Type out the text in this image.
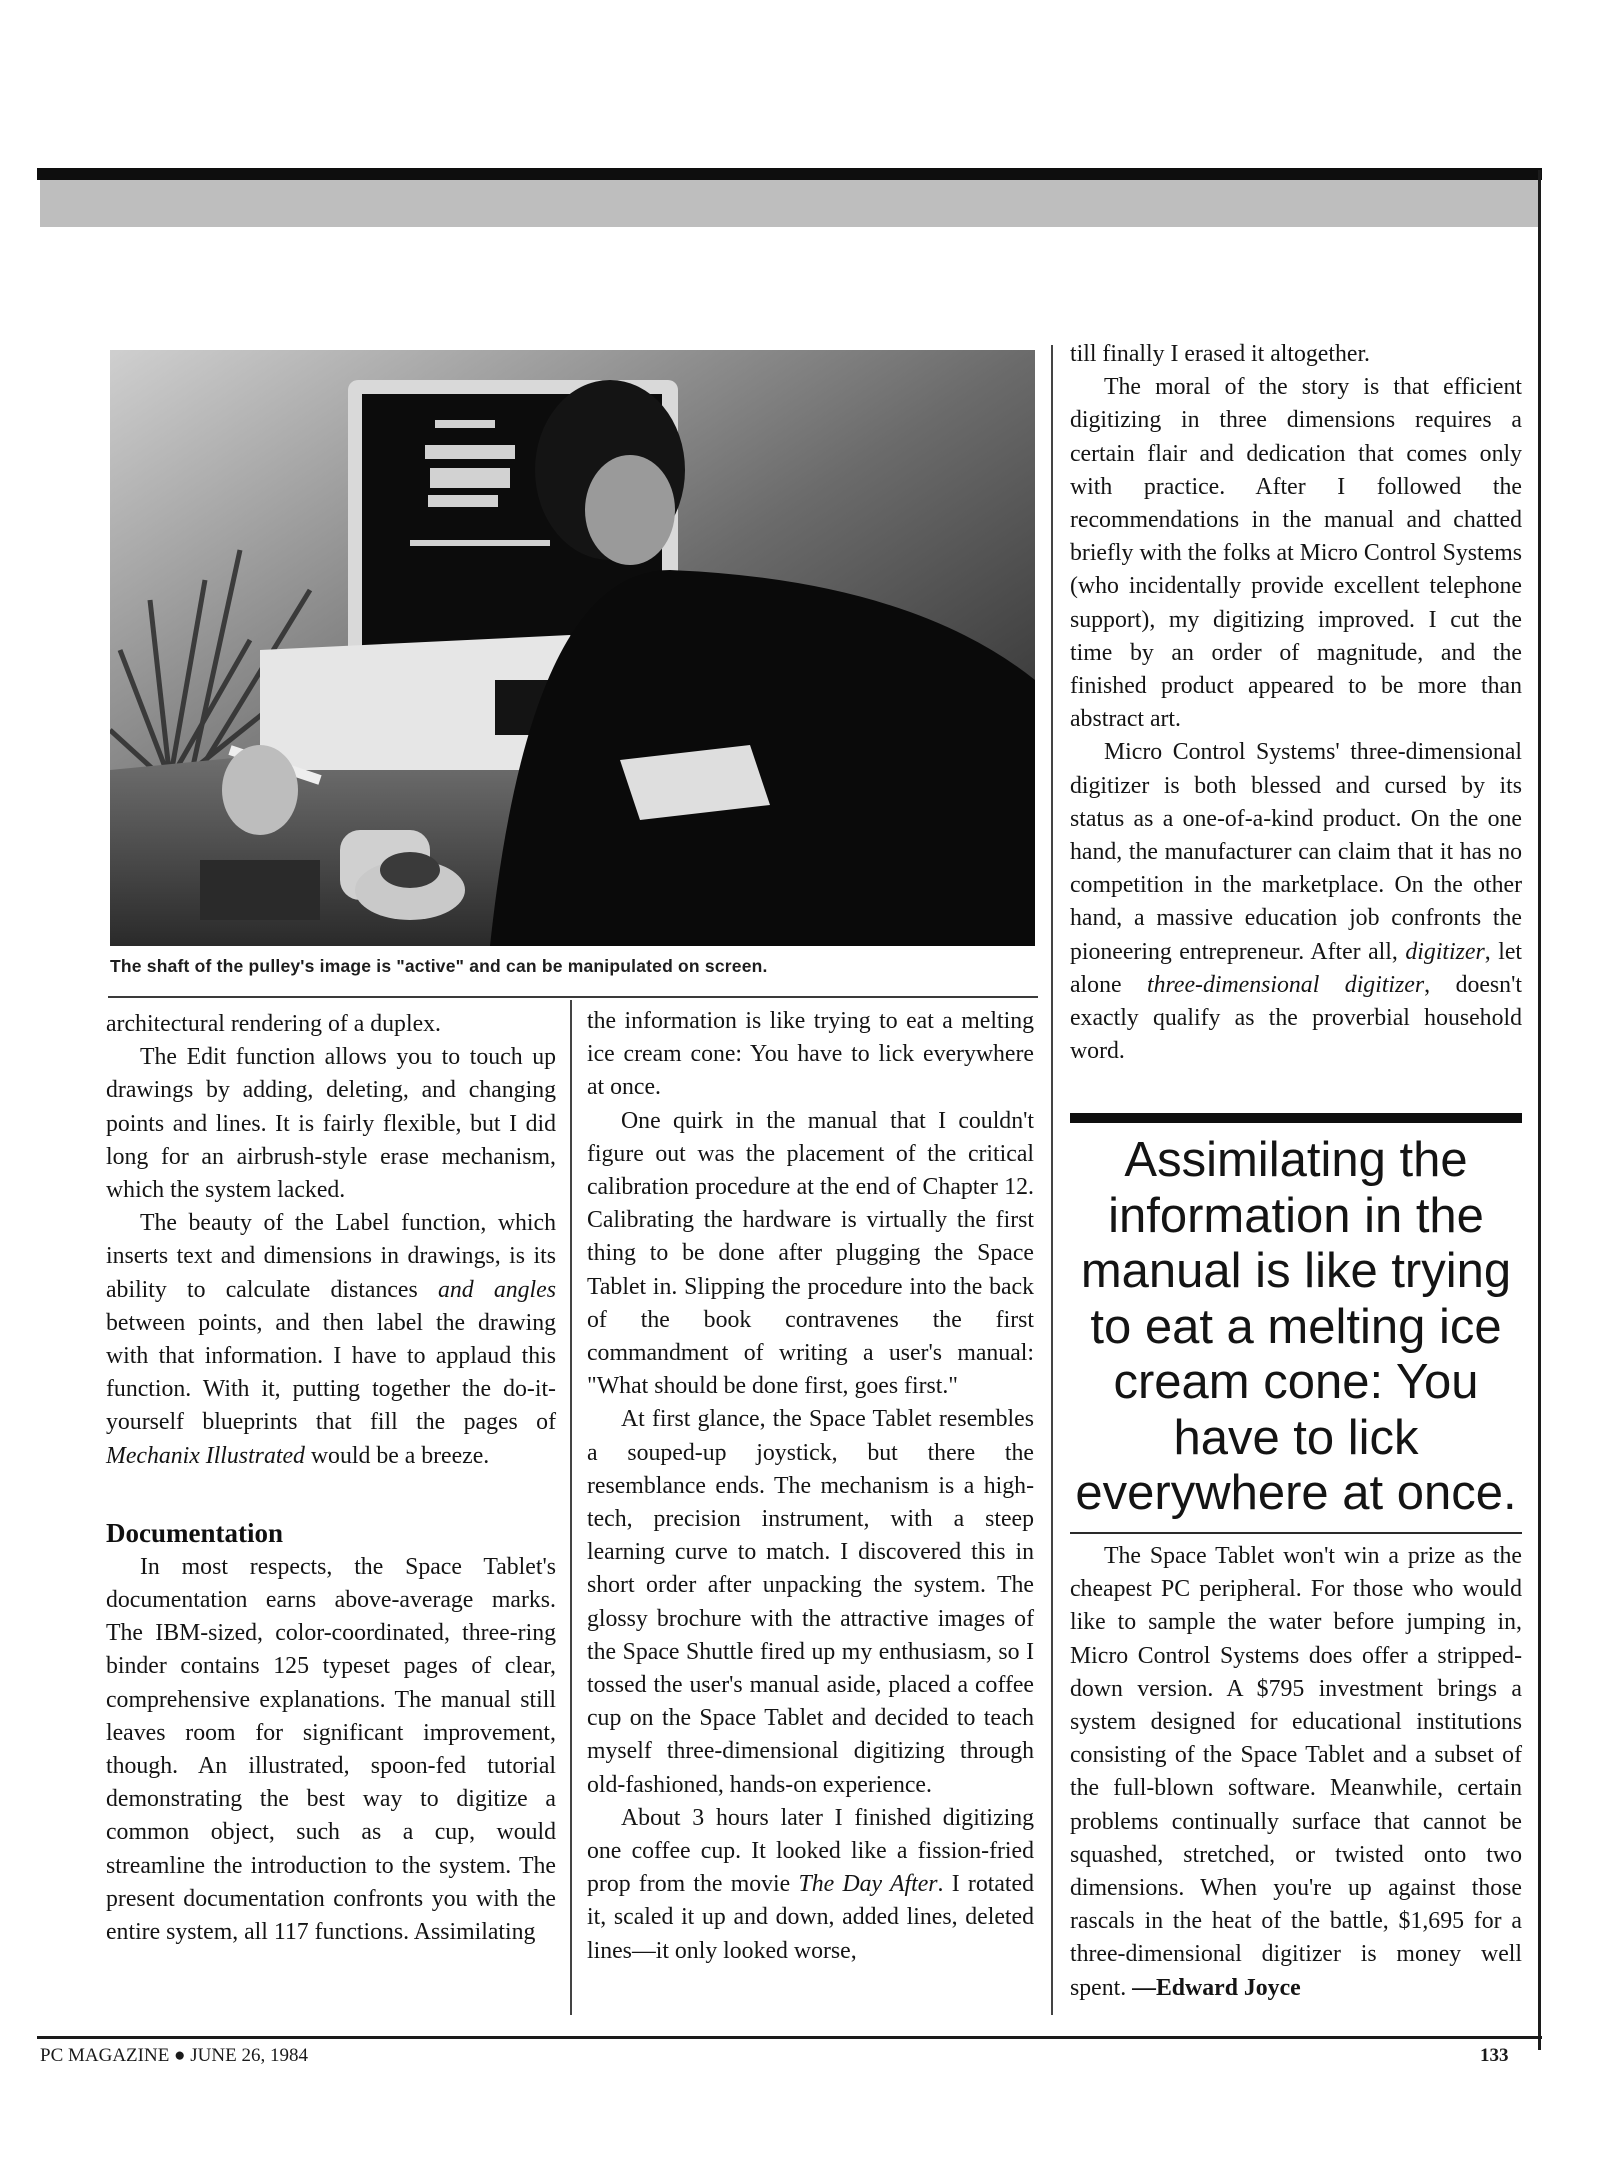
The shaft of the pulley's image is "active" and can be manipulated on screen.

architectural rendering of a duplex.

The Edit function allows you to touch up drawings by adding, deleting, and changing points and lines. It is fairly flexible, but I did long for an airbrush-style erase mechanism, which the system lacked.

The beauty of the Label function, which inserts text and dimensions in drawings, is its ability to calculate distances and angles between points, and then label the drawing with that information. I have to applaud this function. With it, putting together the do-it-yourself blueprints that fill the pages of Mechanix Illustrated would be a breeze.

Documentation

In most respects, the Space Tablet's documentation earns above-average marks. The IBM-sized, color-coordinated, three-ring binder contains 125 typeset pages of clear, comprehensive explanations. The manual still leaves room for significant improvement, though. An illustrated, spoon-fed tutorial demonstrating the best way to digitize a common object, such as a cup, would streamline the introduction to the system. The present documentation confronts you with the entire system, all 117 functions. Assimilating

the information is like trying to eat a melting ice cream cone: You have to lick everywhere at once.

One quirk in the manual that I couldn't figure out was the placement of the critical calibration procedure at the end of Chapter 12. Calibrating the hardware is virtually the first thing to be done after plugging the Space Tablet in. Slipping the procedure into the back of the book contravenes the first commandment of writing a user's manual: "What should be done first, goes first."

At first glance, the Space Tablet resembles a souped-up joystick, but there the resemblance ends. The mechanism is a high-tech, precision instrument, with a steep learning curve to match. I discovered this in short order after unpacking the system. The glossy brochure with the attractive images of the Space Shuttle fired up my enthusiasm, so I tossed the user's manual aside, placed a coffee cup on the Space Tablet and decided to teach myself three-dimensional digitizing through old-fashioned, hands-on experience.

About 3 hours later I finished digitizing one coffee cup. It looked like a fission-fried prop from the movie The Day After. I rotated it, scaled it up and down, added lines, deleted lines—it only looked worse,

till finally I erased it altogether.

The moral of the story is that efficient digitizing in three dimensions requires a certain flair and dedication that comes only with practice. After I followed the recommendations in the manual and chatted briefly with the folks at Micro Control Systems (who incidentally provide excellent telephone support), my digitizing improved. I cut the time by an order of magnitude, and the finished product appeared to be more than abstract art.

Micro Control Systems' three-dimensional digitizer is both blessed and cursed by its status as a one-of-a-kind product. On the one hand, the manufacturer can claim that it has no competition in the marketplace. On the other hand, a massive education job confronts the pioneering entrepreneur. After all, digitizer, let alone three-dimensional digitizer, doesn't exactly qualify as the proverbial household word.

Assimilating the information in the manual is like trying to eat a melting ice cream cone: You have to lick everywhere at once.

The Space Tablet won't win a prize as the cheapest PC peripheral. For those who would like to sample the water before jumping in, Micro Control Systems does offer a stripped-down version. A $795 investment brings a system designed for educational institutions consisting of the Space Tablet and a subset of the full-blown software. Meanwhile, certain problems continually surface that cannot be squashed, stretched, or twisted onto two dimensions. When you're up against those rascals in the heat of the battle, $1,695 for a three-dimensional digitizer is money well spent. —Edward Joyce

PC MAGAZINE ● JUNE 26, 1984	133
